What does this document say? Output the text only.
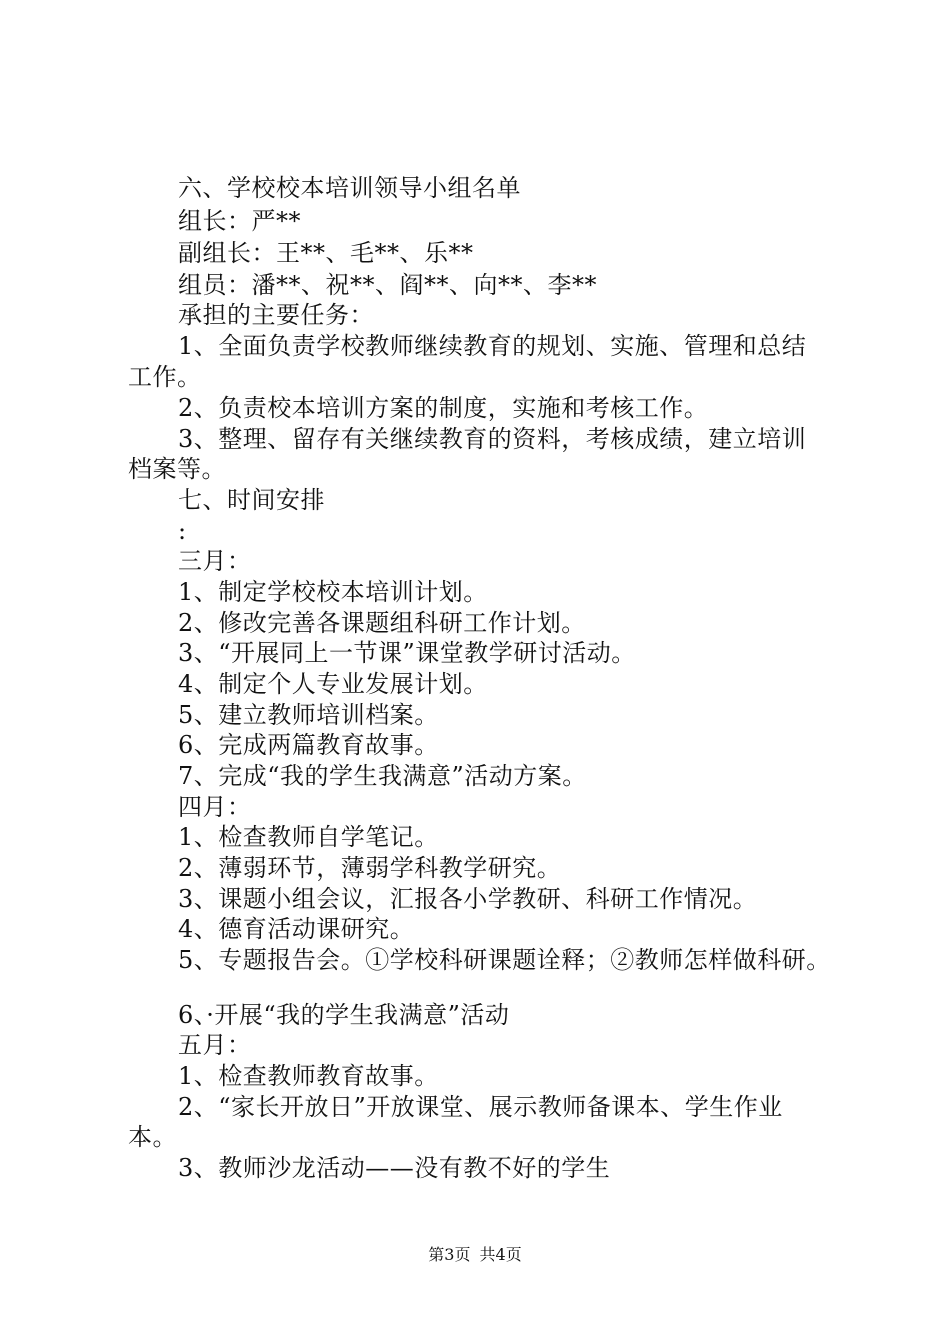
六、学校校本培训领导小组名单
组长：严**
副组长：王**、毛**、乐**
组员：潘**、祝**、阎**、向**、李**
承担的主要任务：
1、全面负责学校教师继续教育的规划、实施、管理和总结
工作。
2、负责校本培训方案的制度，实施和考核工作。
3、整理、留存有关继续教育的资料，考核成绩，建立培训
档案等。
七、时间安排
:
三月：
1、制定学校校本培训计划。
2、修改完善各课题组科研工作计划。
3、“开展同上一节课”课堂教学研讨活动。
4、制定个人专业发展计划。
5、建立教师培训档案。
6、完成两篇教育故事。
7、完成“我的学生我满意”活动方案。
四月：
1、检查教师自学笔记。
2、薄弱环节，薄弱学科教学研究。
3、课题小组会议，汇报各小学教研、科研工作情况。
4、德育活动课研究。
5、专题报告会。①学校科研课题诠释；②教师怎样做科研。
6、·开展“我的学生我满意”活动
五月：
1、检查教师教育故事。
2、“家长开放日”开放课堂、展示教师备课本、学生作业
本。
3、教师沙龙活动——没有教不好的学生
第3页 共4页
